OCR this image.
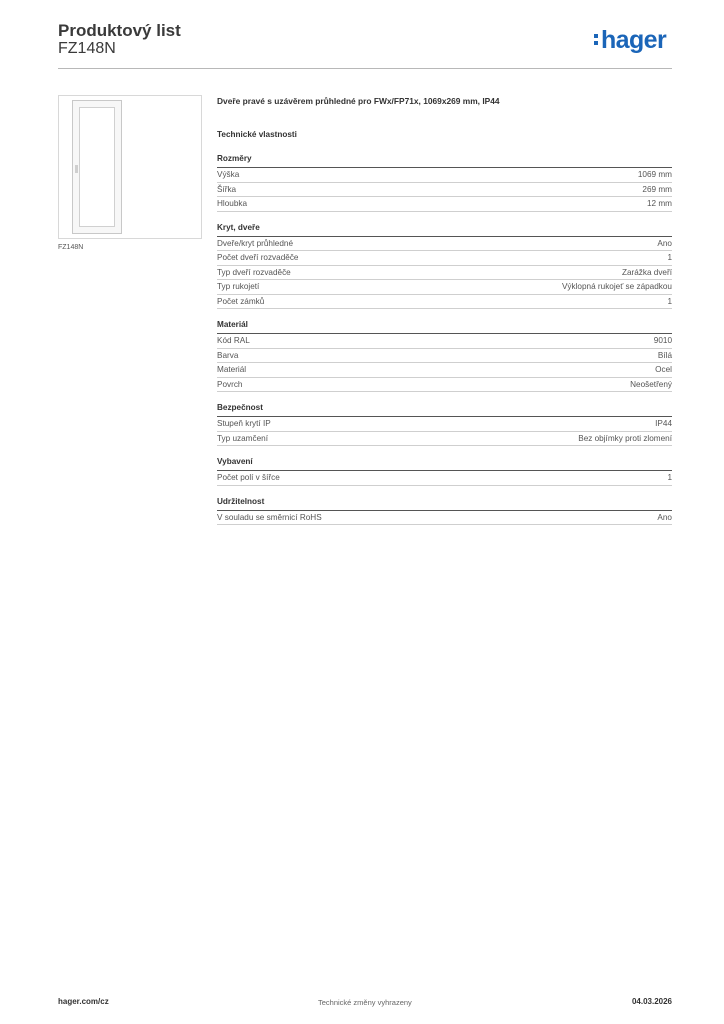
Produktový list
FZ148N	hager
FZ148N
Dveře pravé s uzávěrem průhledné pro FWx/FP71x, 1069x269 mm, IP44
Technické vlastnosti
Rozměry
Výška	1069 mm
Šířka	269 mm
Hloubka	12 mm
Kryt, dveře
Dveře/kryt průhledné	Ano
Počet dveří rozvaděče	1
Typ dveří rozvaděče	Zarážka dveří
Typ rukojetí	Výklopná rukojeť se západkou
Počet zámků	1
Materiál
Kód RAL	9010
Barva	Bílá
Materiál	Ocel
Povrch	Neošetřený
Bezpečnost
Stupeň krytí IP	IP44
Typ uzamčení	Bez objímky proti zlomení
Vybavení
Počet polí v šířce	1
Udržitelnost
V souladu se směrnicí RoHS	Ano
hager.com/cz	Technické změny vyhrazeny	04.03.2026
